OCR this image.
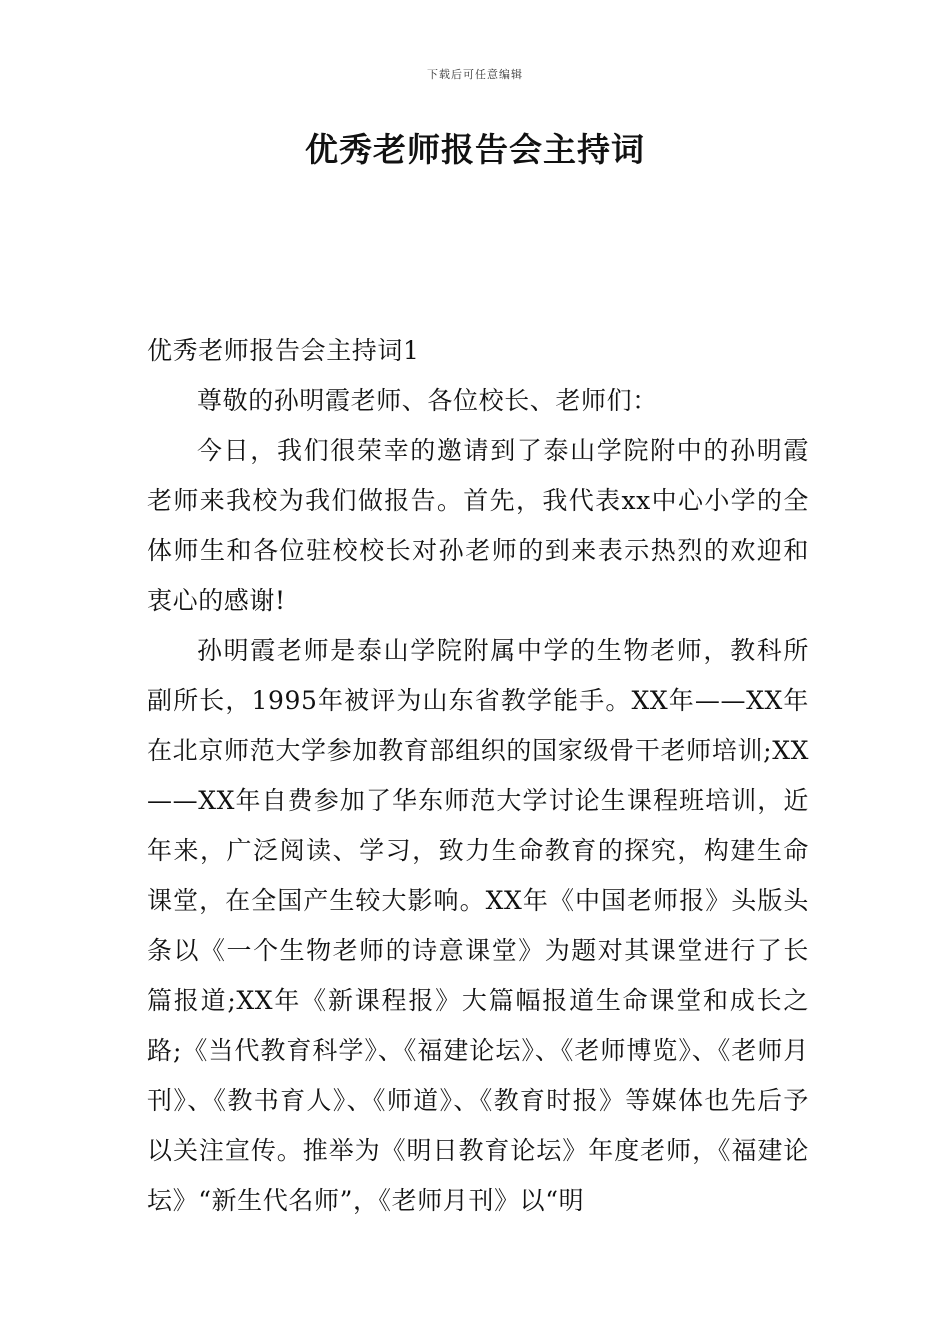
下载后可任意编辑
优秀老师报告会主持词

优秀老师报告会主持词1

尊敬的孙明霞老师、各位校长、老师们：

今日，我们很荣幸的邀请到了泰山学院附中的孙明霞老师来我校为我们做报告。首先，我代表xx中心小学的全体师生和各位驻校校长对孙老师的到来表示热烈的欢迎和衷心的感谢!

孙明霞老师是泰山学院附属中学的生物老师，教科所副所长，1995年被评为山东省教学能手。XX年——XX年在北京师范大学参加教育部组织的国家级骨干老师培训;XX——XX年自费参加了华东师范大学讨论生课程班培训，近年来，广泛阅读、学习，致力生命教育的探究，构建生命课堂，在全国产生较大影响。XX年《中国老师报》头版头条以《一个生物老师的诗意课堂》为题对其课堂进行了长篇报道;XX年《新课程报》大篇幅报道生命课堂和成长之路;《当代教育科学》、《福建论坛》、《老师博览》、《老师月刊》、《教书育人》、《师道》、《教育时报》等媒体也先后予以关注宣传。推举为《明日教育论坛》年度老师，《福建论坛》“新生代名师”，《老师月刊》以“明
